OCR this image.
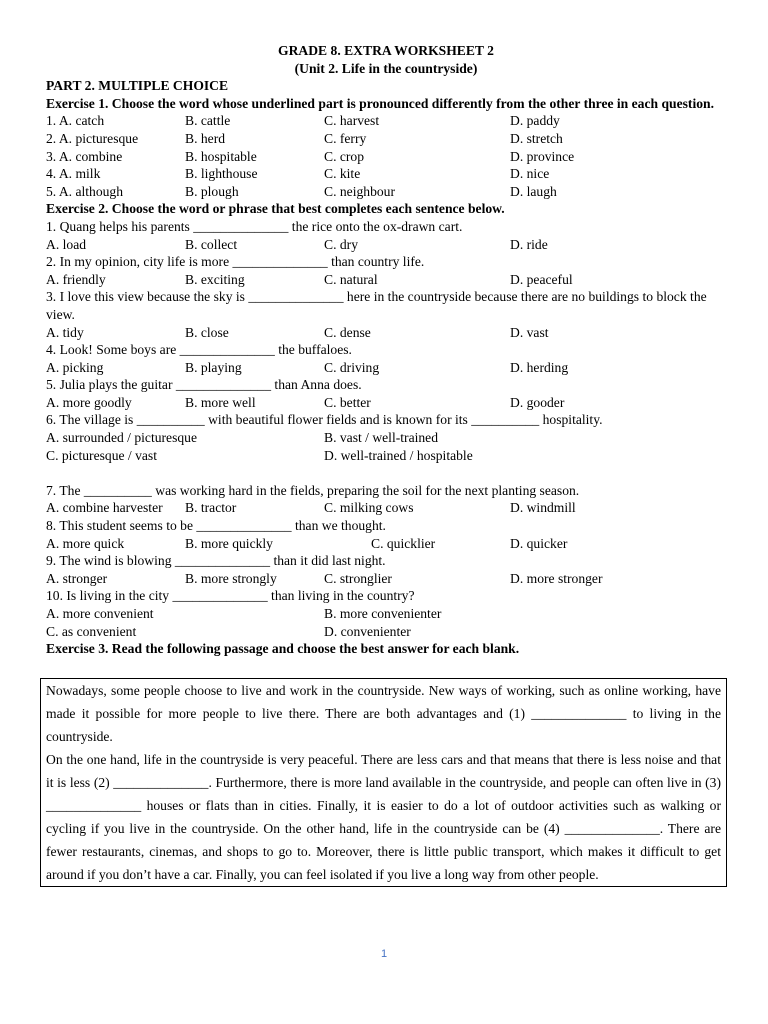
GRADE 8. EXTRA WORKSHEET 2
(Unit 2. Life in the countryside)
PART 2. MULTIPLE CHOICE
Exercise 1. Choose the word whose underlined part is pronounced differently from the other three in each question.
1. A. catch	B. cattle	C. harvest	D. paddy
2. A. picturesque	B. herd	C. ferry	D. stretch
3. A. combine	B. hospitable	C. crop	D. province
4. A. milk	B. lighthouse	C. kite	D. nice
5. A. although	B. plough	C. neighbour	D. laugh
Exercise 2. Choose the word or phrase that best completes each sentence below.
1. Quang helps his parents ______________ the rice onto the ox-drawn cart.
A. load	B. collect	C. dry	D. ride
2. In my opinion, city life is more ______________ than country life.
A. friendly	B. exciting	C. natural	D. peaceful
3. I love this view because the sky is ______________ here in the countryside because there are no buildings to block the view.
A. tidy	B. close	C. dense	D. vast
4. Look! Some boys are ______________ the buffaloes.
A. picking	B. playing	C. driving	D. herding
5. Julia plays the guitar ______________ than Anna does.
A. more goodly	B. more well	C. better	D. gooder
6. The village is __________ with beautiful flower fields and is known for its __________ hospitality.
A. surrounded / picturesque	B. vast / well-trained
C. picturesque / vast	D. well-trained / hospitable
7. The __________ was working hard in the fields, preparing the soil for the next planting season.
A. combine harvester B. tractor	C. milking cows	D. windmill
8. This student seems to be ______________ than we thought.
A. more quick	B. more quickly	C. quicklier	D. quicker
9. The wind is blowing ______________ than it did last night.
A. stronger	B. more strongly	C. stronglier	D. more stronger
10. Is living in the city ______________ than living in the country?
A. more convenient	B. more convenienter
C. as convenient	D. convenienter
Exercise 3. Read the following passage and choose the best answer for each blank.
Nowadays, some people choose to live and work in the countryside. New ways of working, such as online working, have made it possible for more people to live there. There are both advantages and (1) ______________ to living in the countryside.
On the one hand, life in the countryside is very peaceful. There are less cars and that means that there is less noise and that it is less (2) ______________. Furthermore, there is more land available in the countryside, and people can often live in (3) ______________ houses or flats than in cities. Finally, it is easier to do a lot of outdoor activities such as walking or cycling if you live in the countryside. On the other hand, life in the countryside can be (4) ______________. There are fewer restaurants, cinemas, and shops to go to. Moreover, there is little public transport, which makes it difficult to get around if you don’t have a car. Finally, you can feel isolated if you live a long way from other people.
1
